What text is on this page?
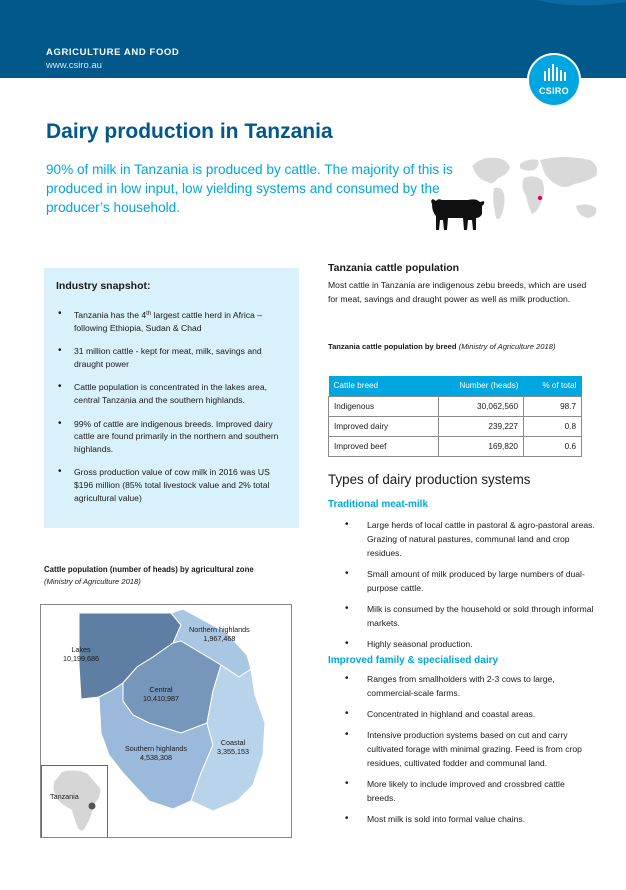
AGRICULTURE AND FOOD
www.csiro.au
CSIRO
Dairy production in Tanzania

90% of milk in Tanzania is produced by cattle. The majority of this is produced in low input, low yielding systems and consumed by the producer’s household.

Industry snapshot:
• Tanzania has the 4th largest cattle herd in Africa – following Ethiopia, Sudan & Chad
• 31 million cattle - kept for meat, milk, savings and draught power
• Cattle population is concentrated in the lakes area, central Tanzania and the southern highlands.
• 99% of cattle are indigenous breeds. Improved dairy cattle are found primarily in the northern and southern highlands.
• Gross production value of cow milk in 2016 was US $196 million (85% total livestock value and 2% total agricultural value)
Cattle population (number of heads) by agricultural zone
(Ministry of Agriculture 2018)
Northern highlands
1,967,468
Lakes
10,199,686
Central
10,410,987
Southern highlands
4,538,308
Coastal
3,355,153
Tanzania
Tanzania cattle population

Most cattle in Tanzania are indigenous zebu breeds, which are used for meat, savings and draught power as well as milk production.

Tanzania cattle population by breed (Ministry of Agriculture 2018)
Cattle breed	Number (heads)	% of total
Indigenous	30,062,560	98.7
Improved dairy	239,227	0.8
Improved beef	169,820	0.6
Types of dairy production systems
Traditional meat-milk
• Large herds of local cattle in pastoral & agro-pastoral areas. Grazing of natural pastures, communal land and crop residues.
• Small amount of milk produced by large numbers of dual-purpose cattle.
• Milk is consumed by the household or sold through informal markets.
• Highly seasonal production.
Improved family & specialised dairy
• Ranges from smallholders with 2-3 cows to large, commercial-scale farms.
• Concentrated in highland and coastal areas.
• Intensive production systems based on cut and carry cultivated forage with minimal grazing. Feed is from crop residues, cultivated fodder and communal land.
• More likely to include improved and crossbred cattle breeds.
• Most milk is sold into formal value chains.
